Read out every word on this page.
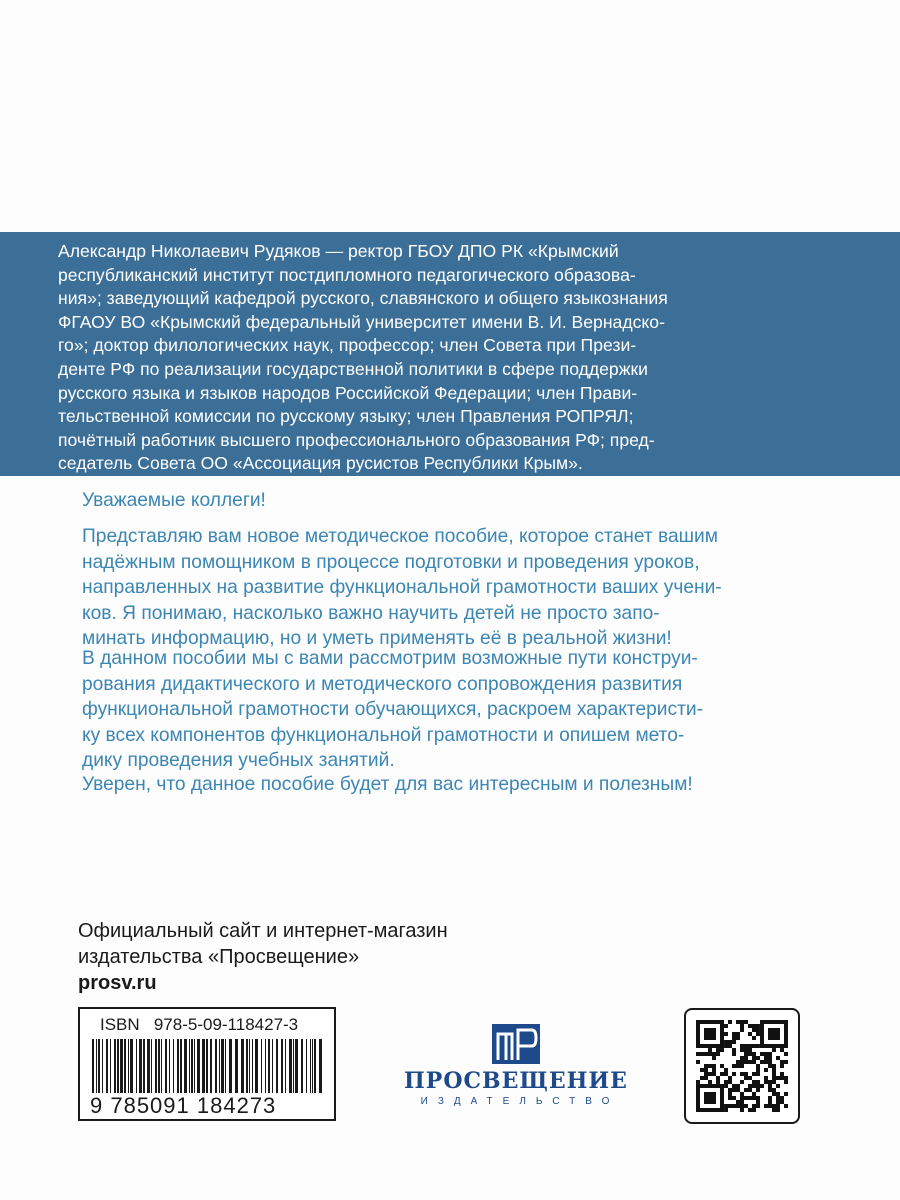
Александр Николаевич Рудяков — ректор ГБОУ ДПО РК «Крымский
республиканский институт постдипломного педагогического образова-
ния»; заведующий кафедрой русского, славянского и общего языкознания
ФГАОУ ВО «Крымский федеральный университет имени В. И. Вернадско-
го»; доктор филологических наук, профессор; член Совета при Прези-
денте РФ по реализации государственной политики в сфере поддержки
русского языка и языков народов Российской Федерации; член Прави-
тельственной комиссии по русскому языку; член Правления РОПРЯЛ;
почётный работник высшего профессионального образования РФ; пред-
седатель Совета ОО «Ассоциация русистов Республики Крым».
Уважаемые коллеги!
Представляю вам новое методическое пособие, которое станет вашим
надёжным помощником в процессе подготовки и проведения уроков,
направленных на развитие функциональной грамотности ваших учени-
ков. Я понимаю, насколько важно научить детей не просто запо-
минать информацию, но и уметь применять её в реальной жизни!
В данном пособии мы с вами рассмотрим возможные пути конструи-
рования дидактического и методического сопровождения развития
функциональной грамотности обучающихся, раскроем характеристи-
ку всех компонентов функциональной грамотности и опишем мето-
дику проведения учебных занятий.
Уверен, что данное пособие будет для вас интересным и полезным!
Официальный сайт и интернет-магазин
издательства «Просвещение»
prosv.ru
ISBN   978-5-09-118427-3
9 785091 184273
ПРОСВЕЩЕНИЕ
ИЗДАТЕЛЬСТВО
